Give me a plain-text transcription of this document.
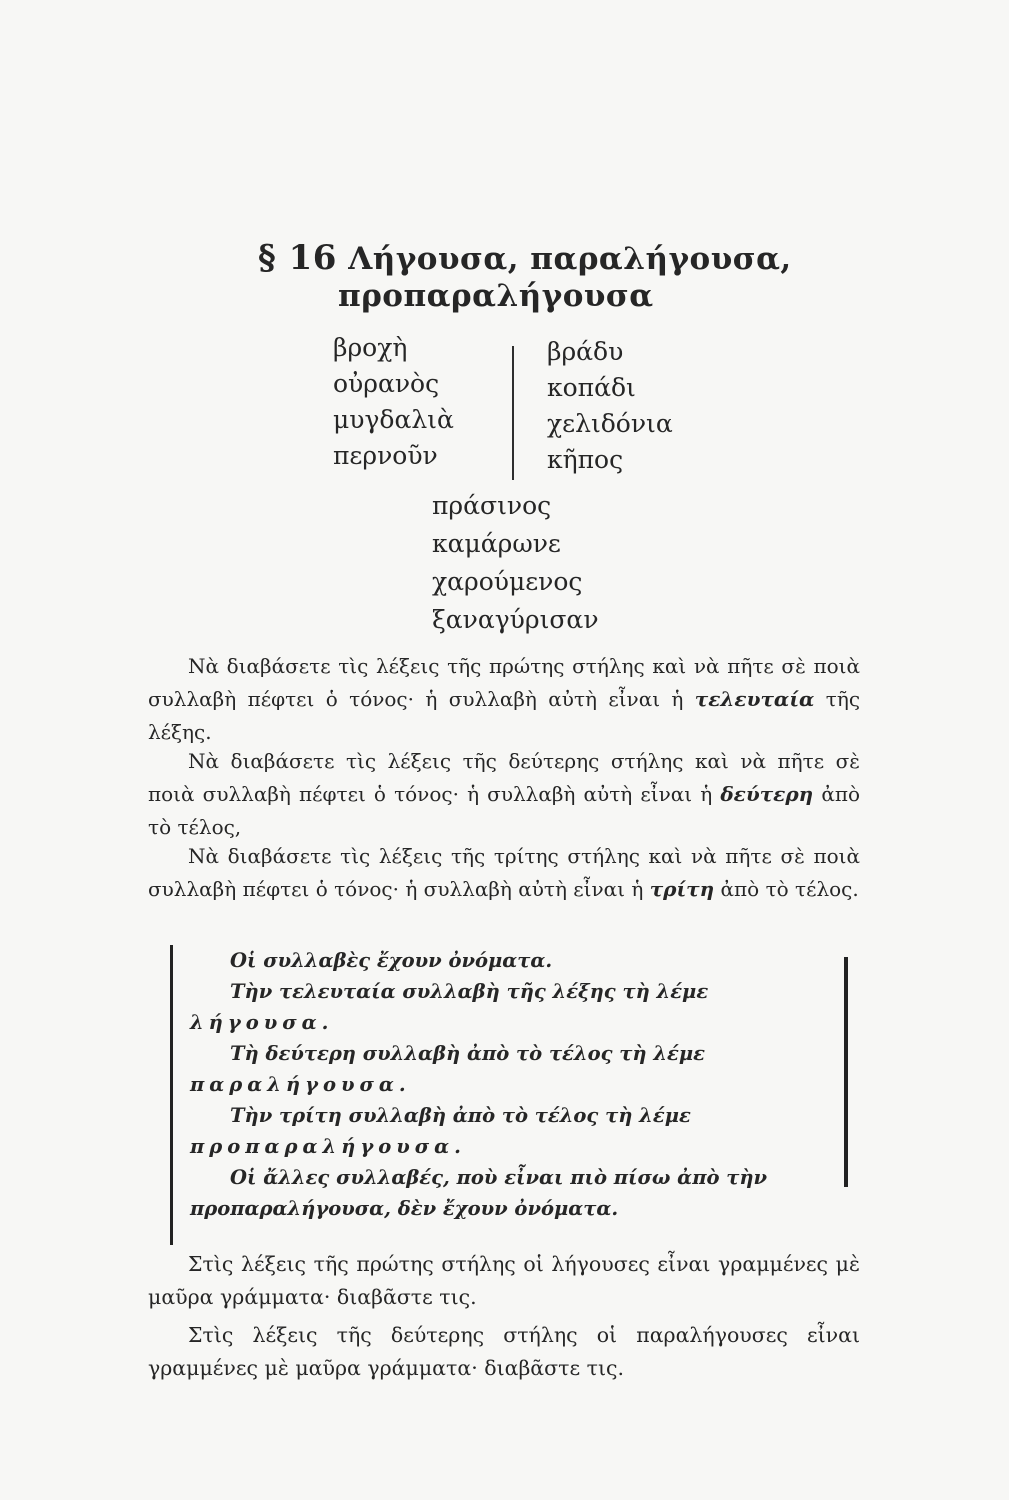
§ 16 Λήγουσα, παραλήγουσα,
προπαραλήγουσα
βροχὴ
οὐρανὸς
μυγδαλιὰ
περνοῦν
βράδυ
κοπάδι
χελιδόνια
κῆπος
πράσινος
καμάρωνε
χαρούμενος
ξαναγύρισαν
Νὰ διαβάσετε τὶς λέξεις τῆς πρώτης στήλης καὶ νὰ πῆτε σὲ ποιὰ συλλαβὴ πέφτει ὁ τόνος· ἡ συλλαβὴ αὐτὴ εἶναι ἡ τελευταία τῆς λέξης.
Νὰ διαβάσετε τὶς λέξεις τῆς δεύτερης στήλης καὶ νὰ πῆτε σὲ ποιὰ συλλαβὴ πέφτει ὁ τόνος· ἡ συλλαβὴ αὐτὴ εἶναι ἡ δεύτερη ἀπὸ τὸ τέλος,
Νὰ διαβάσετε τὶς λέξεις τῆς τρίτης στήλης καὶ νὰ πῆτε σὲ ποιὰ συλλαβὴ πέφτει ὁ τόνος· ἡ συλλαβὴ αὐτὴ εἶναι ἡ τρίτη ἀπὸ τὸ τέλος.

Οἱ συλλαβὲς ἔχουν ὀνόματα.

Τὴν τελευταία συλλαβὴ τῆς λέξης τὴ λέμε λήγουσα.

Τὴ δεύτερη συλλαβὴ ἀπὸ τὸ τέλος τὴ λέμε παραλήγουσα.

Τὴν τρίτη συλλαβὴ ἀπὸ τὸ τέλος τὴ λέμε προπαραλήγουσα.

Οἱ ἄλλες συλλαβές, ποὺ εἶναι πιὸ πίσω ἀπὸ τὴν προπαραλήγουσα, δὲν ἔχουν ὀνόματα.

Στὶς λέξεις τῆς πρώτης στήλης οἱ λήγουσες εἶναι γραμμένες μὲ μαῦρα γράμματα· διαβᾶστε τις.
Στὶς λέξεις τῆς δεύτερης στήλης οἱ παραλήγουσες εἶναι γραμμένες μὲ μαῦρα γράμματα· διαβᾶστε τις.
